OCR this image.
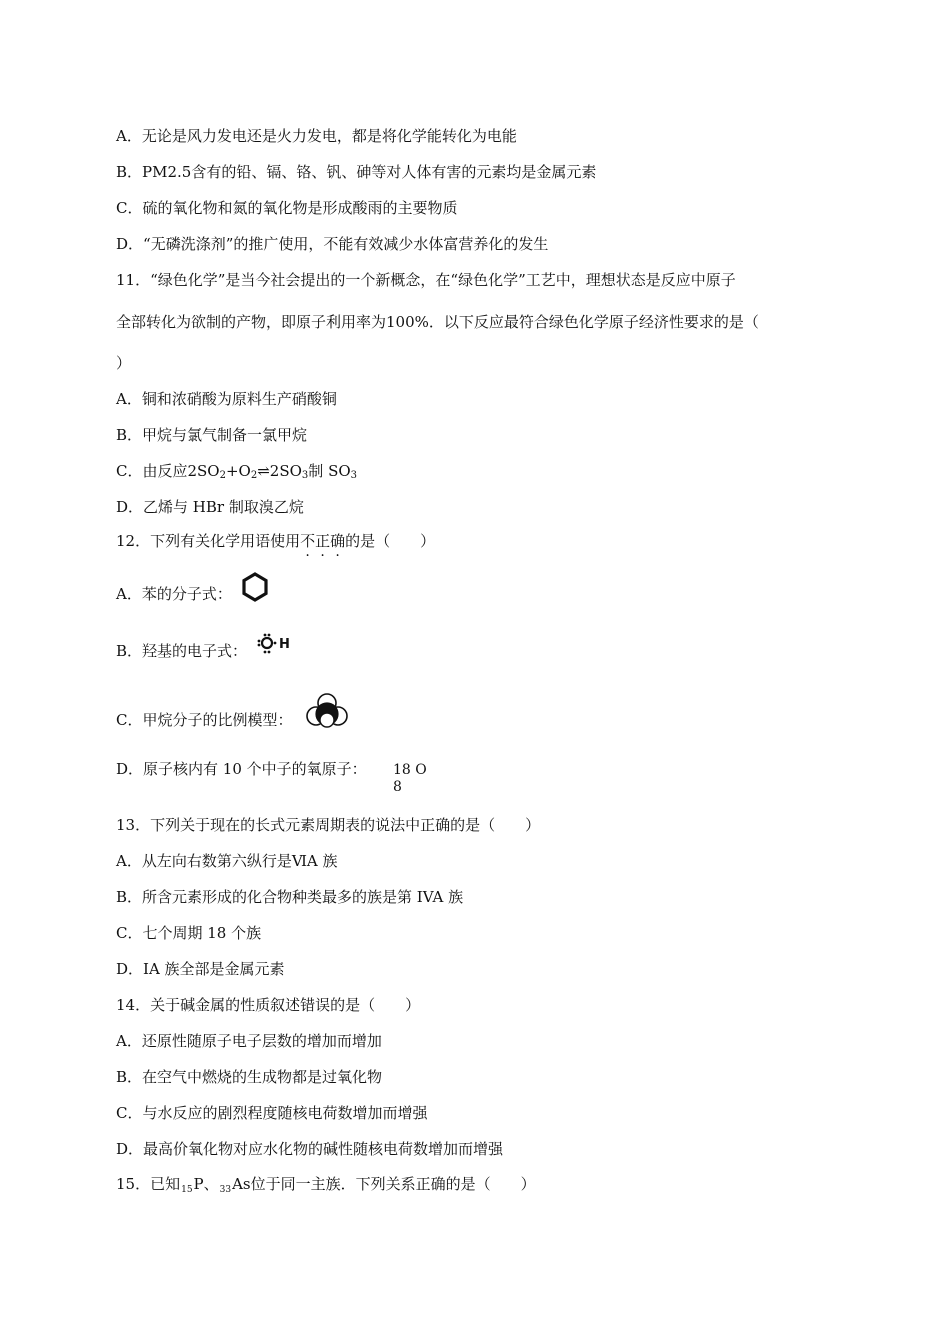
A．无论是风力发电还是火力发电，都是将化学能转化为电能
B．PM2.5含有的铅、镉、铬、钒、砷等对人体有害的元素均是金属元素
C．硫的氧化物和氮的氧化物是形成酸雨的主要物质
D．“无磷洗涤剂”的推广使用，不能有效减少水体富营养化的发生
11．“绿色化学”是当今社会提出的一个新概念，在“绿色化学”工艺中，理想状态是反应中原子
全部转化为欲制的产物，即原子利用率为100%．以下反应最符合绿色化学原子经济性要求的是（
）
A．铜和浓硝酸为原料生产硝酸铜
B．甲烷与氯气制备一氯甲烷
C．由反应$2SO_2+O_2\rightleftharpoons 2SO_3$制 $SO_3$
D．乙烯与 HBr 制取溴乙烷
12．下列有关化学用语使用不正确的是（　　）
A．苯的分子式：
B．羟基的电子式： H
C．甲烷分子的比例模型：
D．原子核内有 10 个中子的氧原子： 18 O
8
13．下列关于现在的长式元素周期表的说法中正确的是（　　）
A．从左向右数第六纵行是ⅥA 族
B．所含元素形成的化合物种类最多的族是第 IVA 族
C．七个周期 18 个族
D．ⅠA 族全部是金属元素
14．关于碱金属的性质叙述错误的是（　　）
A．还原性随原子电子层数的增加而增加
B．在空气中燃烧的生成物都是过氧化物
C．与水反应的剧烈程度随核电荷数增加而增强
D．最高价氧化物对应水化物的碱性随核电荷数增加而增强
15．已知$_{15}$P、$_{33}$As位于同一主族．下列关系正确的是（　　）
